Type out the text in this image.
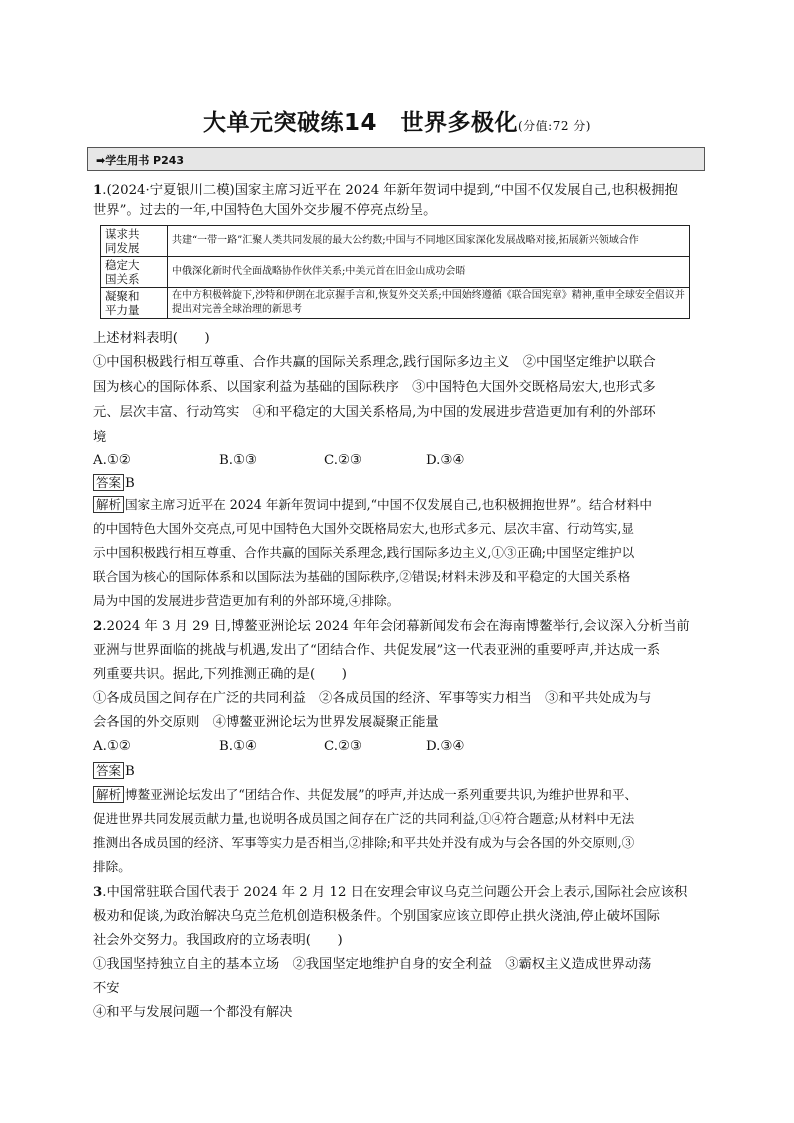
大单元突破练14　世界多极化(分值:72 分)
➡学生用书 P243
1.(2024·宁夏银川二模)国家主席习近平在 2024 年新年贺词中提到,“中国不仅发展自己,也积极拥抱
世界”。过去的一年,中国特色大国外交步履不停亮点纷呈。
谋求共
同发展	共建“一带一路”汇聚人类共同发展的最大公约数;中国与不同地区国家深化发展战略对接,拓展新兴领域合作
稳定大
国关系	中俄深化新时代全面战略协作伙伴关系;中美元首在旧金山成功会晤
凝聚和
平力量	在中方积极斡旋下,沙特和伊朗在北京握手言和,恢复外交关系;中国始终遵循《联合国宪章》精神,重申全球安全倡议并提出对完善全球治理的新思考
上述材料表明(　　)
①中国积极践行相互尊重、合作共赢的国际关系理念,践行国际多边主义　②中国坚定维护以联合
国为核心的国际体系、以国家利益为基础的国际秩序　③中国特色大国外交既格局宏大,也形式多
元、层次丰富、行动笃实　④和平稳定的大国关系格局,为中国的发展进步营造更加有利的外部环
境
A.①②	B.①③	C.②③	D.③④
答案 B
解析 国家主席习近平在 2024 年新年贺词中提到,“中国不仅发展自己,也积极拥抱世界”。结合材料中
的中国特色大国外交亮点,可见中国特色大国外交既格局宏大,也形式多元、层次丰富、行动笃实,显
示中国积极践行相互尊重、合作共赢的国际关系理念,践行国际多边主义,①③正确;中国坚定维护以
联合国为核心的国际体系和以国际法为基础的国际秩序,②错误;材料未涉及和平稳定的大国关系格
局为中国的发展进步营造更加有利的外部环境,④排除。
2.2024 年 3 月 29 日,博鳌亚洲论坛 2024 年年会闭幕新闻发布会在海南博鳌举行,会议深入分析当前
亚洲与世界面临的挑战与机遇,发出了“团结合作、共促发展”这一代表亚洲的重要呼声,并达成一系
列重要共识。据此,下列推测正确的是(　　)
①各成员国之间存在广泛的共同利益　②各成员国的经济、军事等实力相当　③和平共处成为与
会各国的外交原则　④博鳌亚洲论坛为世界发展凝聚正能量
A.①②	B.①④	C.②③	D.③④
答案 B
解析 博鳌亚洲论坛发出了“团结合作、共促发展”的呼声,并达成一系列重要共识,为维护世界和平、
促进世界共同发展贡献力量,也说明各成员国之间存在广泛的共同利益,①④符合题意;从材料中无法
推测出各成员国的经济、军事等实力是否相当,②排除;和平共处并没有成为与会各国的外交原则,③
排除。
3.中国常驻联合国代表于 2024 年 2 月 12 日在安理会审议乌克兰问题公开会上表示,国际社会应该积
极劝和促谈,为政治解决乌克兰危机创造积极条件。个别国家应该立即停止拱火浇油,停止破坏国际
社会外交努力。我国政府的立场表明(　　)
①我国坚持独立自主的基本立场　②我国坚定地维护自身的安全利益　③霸权主义造成世界动荡
不安
④和平与发展问题一个都没有解决
